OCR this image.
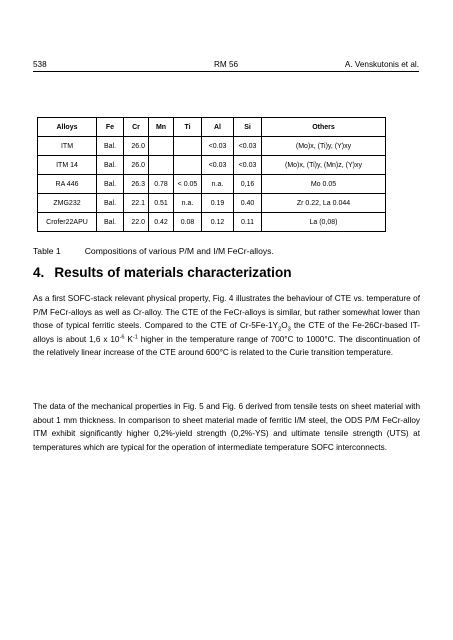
538	RM 56	A. Venskutonis et al.
Alloys	Fe	Cr	Mn	Ti	Al	Si	Others
ITM	Bal.	26.0			<0.03	<0.03	(Mo)x, (Ti)y, (Y)xy
ITM 14	Bal.	26.0			<0.03	<0.03	(Mo)x, (Ti)y, (Mn)z, (Y)xy
RA 446	Bal.	26.3	0.78	< 0.05	n.a.	0,16	Mo 0.05
ZMG232	Bal.	22.1	0.51	n.a.	0.19	0.40	Zr 0.22, La 0.044
Crofer22APU	Bal.	22.0	0.42	0.08	0.12	0.11	La (0,08)
Table 1	Compositions of various P/M and I/M FeCr-alloys.
4. Results of materials characterization

As a first SOFC-stack relevant physical property, Fig. 4 illustrates the behaviour of CTE vs. temperature of P/M FeCr-alloys as well as Cr-alloy. The CTE of the FeCr-alloys is similar, but rather somewhat lower than those of typical ferritic steels. Compared to the CTE of $Cr-5Fe-1Y_2O_3$ the CTE of the Fe-26Cr-based IT-alloys is about 1,6 x $10^{-6}$ $K^{-1}$ higher in the temperature range of 700°C to 1000°C. The discontinuation of the relatively linear increase of the CTE around 600°C is related to the Curie transition temperature.

The data of the mechanical properties in Fig. 5 and Fig. 6 derived from tensile tests on sheet material with about 1 mm thickness. In comparison to sheet material made of ferritic I/M steel, the ODS P/M FeCr-alloy ITM exhibit significantly higher 0,2%-yield strength (0,2%-YS) and ultimate tensile strength (UTS) at temperatures which are typical for the operation of intermediate temperature SOFC interconnects.
